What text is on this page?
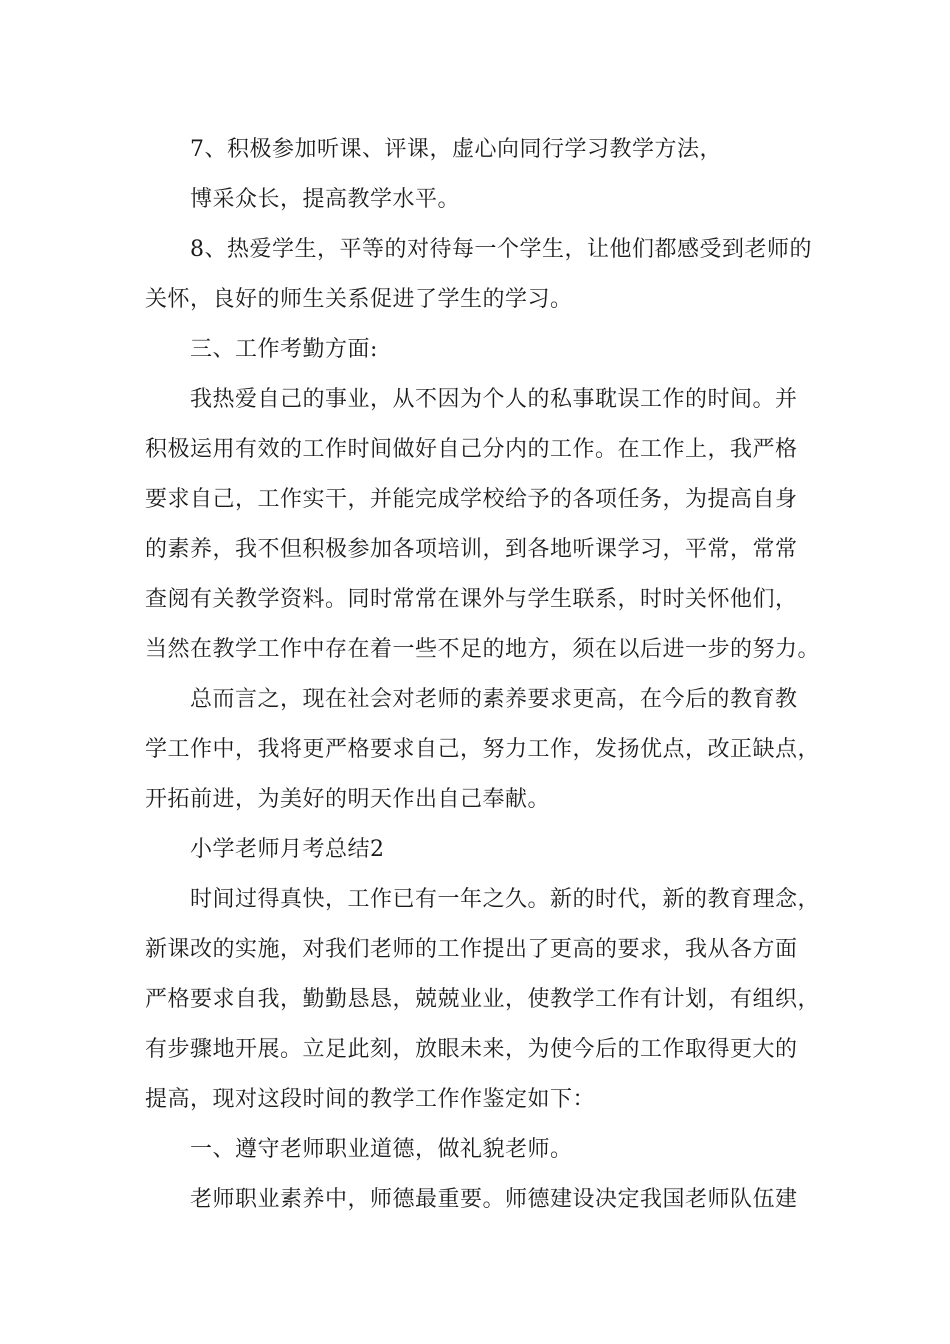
7、积极参加听课、评课，虚心向同行学习教学方法，
博采众长，提高教学水平。
8、热爱学生，平等的对待每一个学生，让他们都感受到老师的
关怀，良好的师生关系促进了学生的学习。
三、工作考勤方面:
我热爱自己的事业，从不因为个人的私事耽误工作的时间。并
积极运用有效的工作时间做好自己分内的工作。在工作上，我严格
要求自己，工作实干，并能完成学校给予的各项任务，为提高自身
的素养，我不但积极参加各项培训，到各地听课学习，平常，常常
查阅有关教学资料。同时常常在课外与学生联系，时时关怀他们，
当然在教学工作中存在着一些不足的地方，须在以后进一步的努力。
总而言之，现在社会对老师的素养要求更高，在今后的教育教
学工作中，我将更严格要求自己，努力工作，发扬优点，改正缺点，
开拓前进，为美好的明天作出自己奉献。
小学老师月考总结2
时间过得真快，工作已有一年之久。新的时代，新的教育理念，
新课改的实施，对我们老师的工作提出了更高的要求，我从各方面
严格要求自我，勤勤恳恳，兢兢业业，使教学工作有计划，有组织，
有步骤地开展。立足此刻，放眼未来，为使今后的工作取得更大的
提高，现对这段时间的教学工作作鉴定如下：
一、遵守老师职业道德，做礼貌老师。
老师职业素养中，师德最重要。师德建设决定我国老师队伍建
